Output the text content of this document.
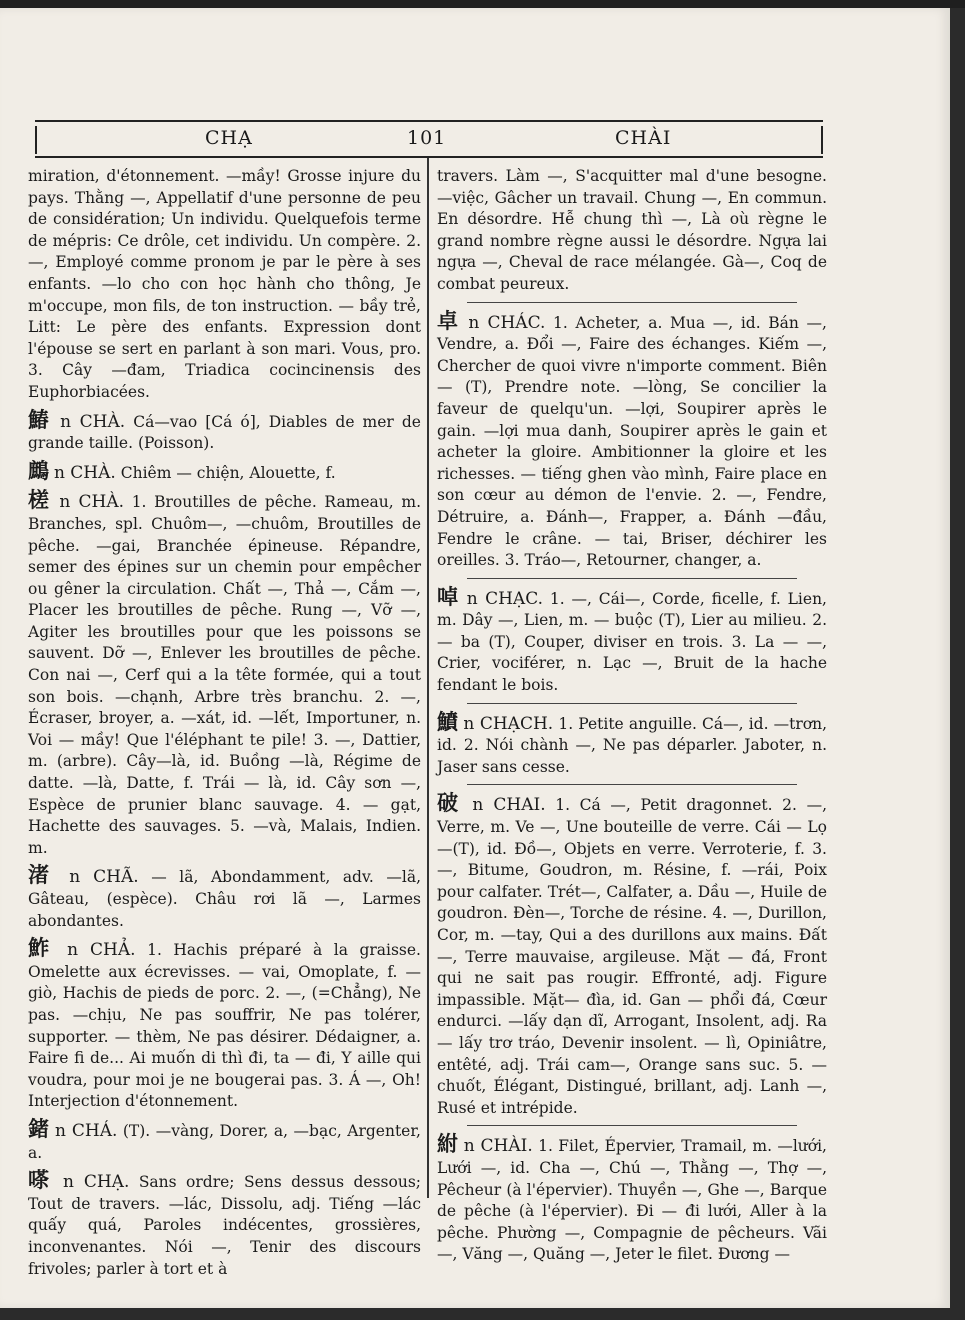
CHẠ	101	CHÀI

miration, d'étonnement. —mầy! Grosse injure du pays. Thằng —, Appellatif d'une personne de peu de considération; Un individu. Quelquefois terme de mépris: Ce drôle, cet individu. Un compère. 2. —, Employé comme pronom je par le père à ses enfants. —lo cho con học hành cho thông, Je m'occupe, mon fils, de ton instruction. — bầy trẻ, Litt: Le père des enfants. Expression dont l'épouse se sert en parlant à son mari. Vous, pro. 3. Cây —đam, Triadica cocincinensis des Euphorbiacées.

鰆 n CHÀ. Cá—vao [Cá ó], Diables de mer de grande taille. (Poisson).

鷓 n CHÀ. Chiêm — chiện, Alouette, f.

槎 n CHÀ. 1. Broutilles de pêche. Rameau, m. Branches, spl. Chuôm—, —chuôm, Broutilles de pêche. —gai, Branchée épineuse. Répandre, semer des épines sur un chemin pour empêcher ou gêner la circulation. Chất —, Thả —, Cắm —, Placer les broutilles de pêche. Rung —, Vỡ —, Agiter les broutilles pour que les poissons se sauvent. Dỡ —, Enlever les broutilles de pêche. Con nai —, Cerf qui a la tête formée, qui a tout son bois. —chạnh, Arbre très branchu. 2. —, Écraser, broyer, a. —xát, id. —lết, Importuner, n. Voi — mầy! Que l'éléphant te pile! 3. —, Dattier, m. (arbre). Cây—là, id. Buồng —là, Régime de datte. —là, Datte, f. Trái — là, id. Cây sơn —, Espèce de prunier blanc sauvage. 4. — gạt, Hachette des sauvages. 5. —và, Malais, Indien. m.

渚 n CHÃ. — lã, Abondamment, adv. —lã, Gâteau, (espèce). Châu rơi lã —, Larmes abondantes.

鮓 n CHẢ. 1. Hachis préparé à la graisse. Omelette aux écrevisses. — vai, Omoplate, f. —giò, Hachis de pieds de porc. 2. —, (=Chẳng), Ne pas. —chịu, Ne pas souffrir, Ne pas tolérer, supporter. — thèm, Ne pas désirer. Dédaigner, a. Faire fi de... Ai muốn di thì đi, ta — đi, Y aille qui voudra, pour moi je ne bougerai pas. 3. Á —, Oh! Interjection d'étonnement.

鍺 n CHÁ. (T). —vàng, Dorer, a, —bạc, Argenter, a.

嗏 n CHẠ. Sans ordre; Sens dessus dessous; Tout de travers. —lác, Dissolu, adj. Tiếng —lác quấy quá, Paroles indécentes, grossières, inconvenantes. Nói —, Tenir des discours frivoles; parler à tort et à

travers. Làm —, S'acquitter mal d'une besogne. —việc, Gâcher un travail. Chung —, En commun. En désordre. Hễ chung thì —, Là où règne le grand nombre règne aussi le désordre. Ngựa lai ngựa —, Cheval de race mélangée. Gà—, Coq de combat peureux.

卓 n CHÁC. 1. Acheter, a. Mua —, id. Bán —, Vendre, a. Đổi —, Faire des échanges. Kiếm —, Chercher de quoi vivre n'importe comment. Biên — (T), Prendre note. —lòng, Se concilier la faveur de quelqu'un. —lợi, Soupirer après le gain. —lợi mua danh, Soupirer après le gain et acheter la gloire. Ambitionner la gloire et les richesses. — tiếng ghen vào mình, Faire place en son cœur au démon de l'envie. 2. —, Fendre, Détruire, a. Đánh—, Frapper, a. Đánh —đầu, Fendre le crâne. — tai, Briser, déchirer les oreilles. 3. Tráo—, Retourner, changer, a.

啅 n CHẠC. 1. —, Cái—, Corde, ficelle, f. Lien, m. Dây —, Lien, m. — buộc (T), Lier au milieu. 2. — ba (T), Couper, diviser en trois. 3. La — —, Crier, vociférer, n. Lạc —, Bruit de la hache fendant le bois.

鱝 n CHẠCH. 1. Petite anguille. Cá—, id. —trơn, id. 2. Nói chành —, Ne pas déparler. Jaboter, n. Jaser sans cesse.

破 n CHAI. 1. Cá —, Petit dragonnet. 2. —, Verre, m. Ve —, Une bouteille de verre. Cái — Lọ —(T), id. Đồ—, Objets en verre. Verroterie, f. 3. —, Bitume, Goudron, m. Résine, f. —rái, Poix pour calfater. Trét—, Calfater, a. Dầu —, Huile de goudron. Đèn—, Torche de résine. 4. —, Durillon, Cor, m. —tay, Qui a des durillons aux mains. Đất—, Terre mauvaise, argileuse. Mặt — đá, Front qui ne sait pas rougir. Effronté, adj. Figure impassible. Mặt— đìa, id. Gan — phổi đá, Cœur endurci. —lấy dạn dĩ, Arrogant, Insolent, adj. Ra — lấy trơ tráo, Devenir insolent. — lì, Opiniâtre, entêté, adj. Trái cam—, Orange sans suc. 5. —chuốt, Élégant, Distingué, brillant, adj. Lanh —, Rusé et intrépide.

紨 n CHÀI. 1. Filet, Épervier, Tramail, m. —lưới, Lưới —, id. Cha —, Chú —, Thằng —, Thợ —, Pêcheur (à l'épervier). Thuyền —, Ghe —, Barque de pêche (à l'épervier). Đi — đi lưới, Aller à la pêche. Phường —, Compagnie de pêcheurs. Vãi —, Văng —, Quăng —, Jeter le filet. Đương —
